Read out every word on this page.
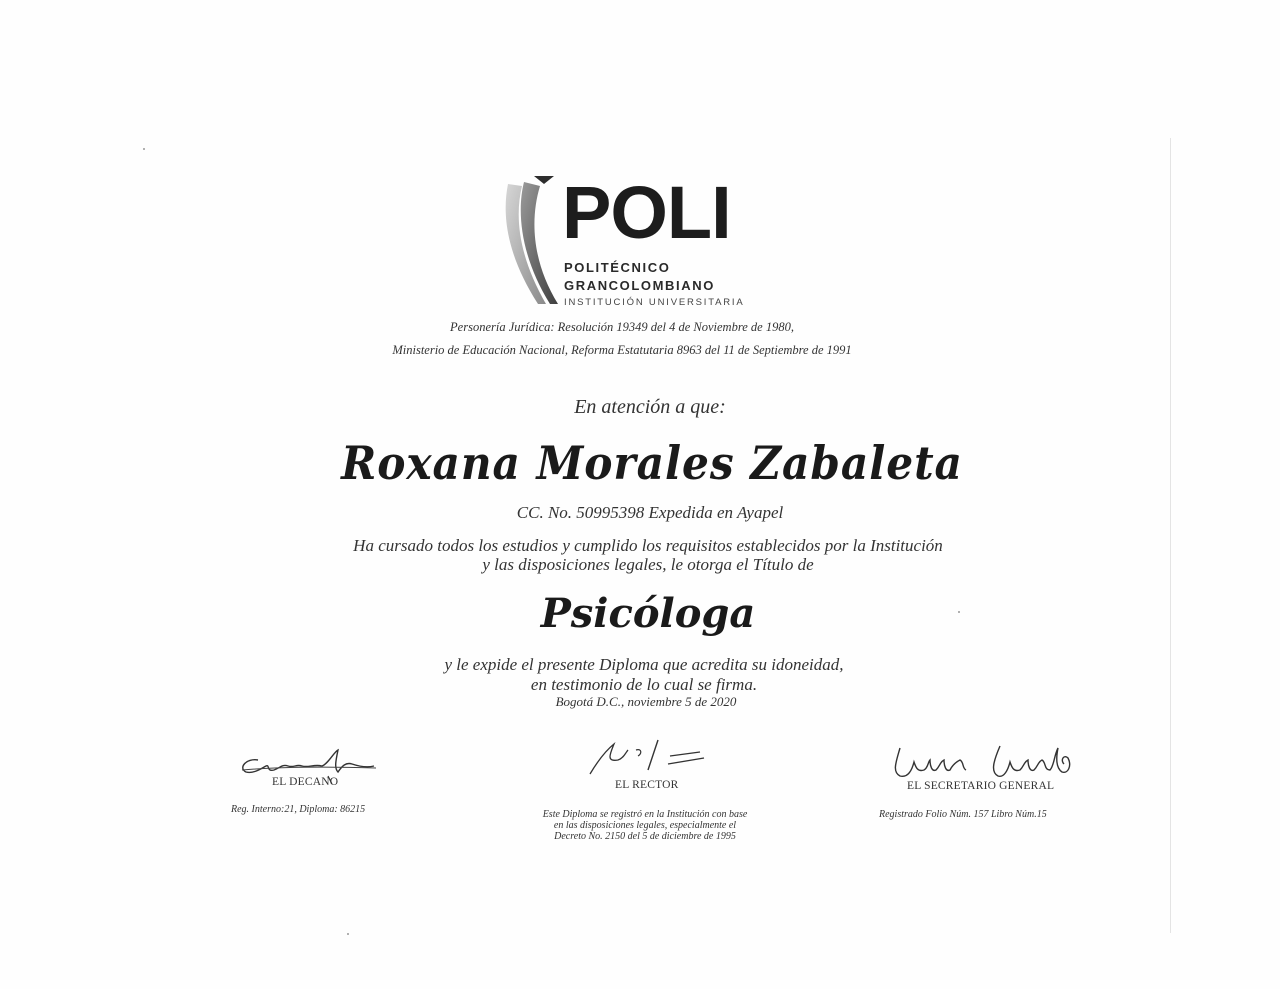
POLI
POLITÉCNICO
GRANCOLOMBIANO
INSTITUCIÓN UNIVERSITARIA
Personería Jurídica: Resolución 19349 del 4 de Noviembre de 1980,
Ministerio de Educación Nacional, Reforma Estatutaria 8963 del 11 de Septiembre de 1991
En atención a que:
Roxana Morales Zabaleta
CC. No. 50995398 Expedida en Ayapel
Ha cursado todos los estudios y cumplido los requisitos establecidos por la Institución
y las disposiciones legales, le otorga el Título de
Psicóloga
y le expide el presente Diploma que acredita su idoneidad,
en testimonio de lo cual se firma.
Bogotá D.C., noviembre 5 de 2020
EL DECANO	EL RECTOR	EL SECRETARIO GENERAL
Reg. Interno:21, Diploma: 86215	Este Diploma se registró en la Institución con base
en las disposiciones legales, especialmente el
Decreto No. 2150 del 5 de diciembre de 1995
Registrado Folio Núm. 157 Libro Núm.15
